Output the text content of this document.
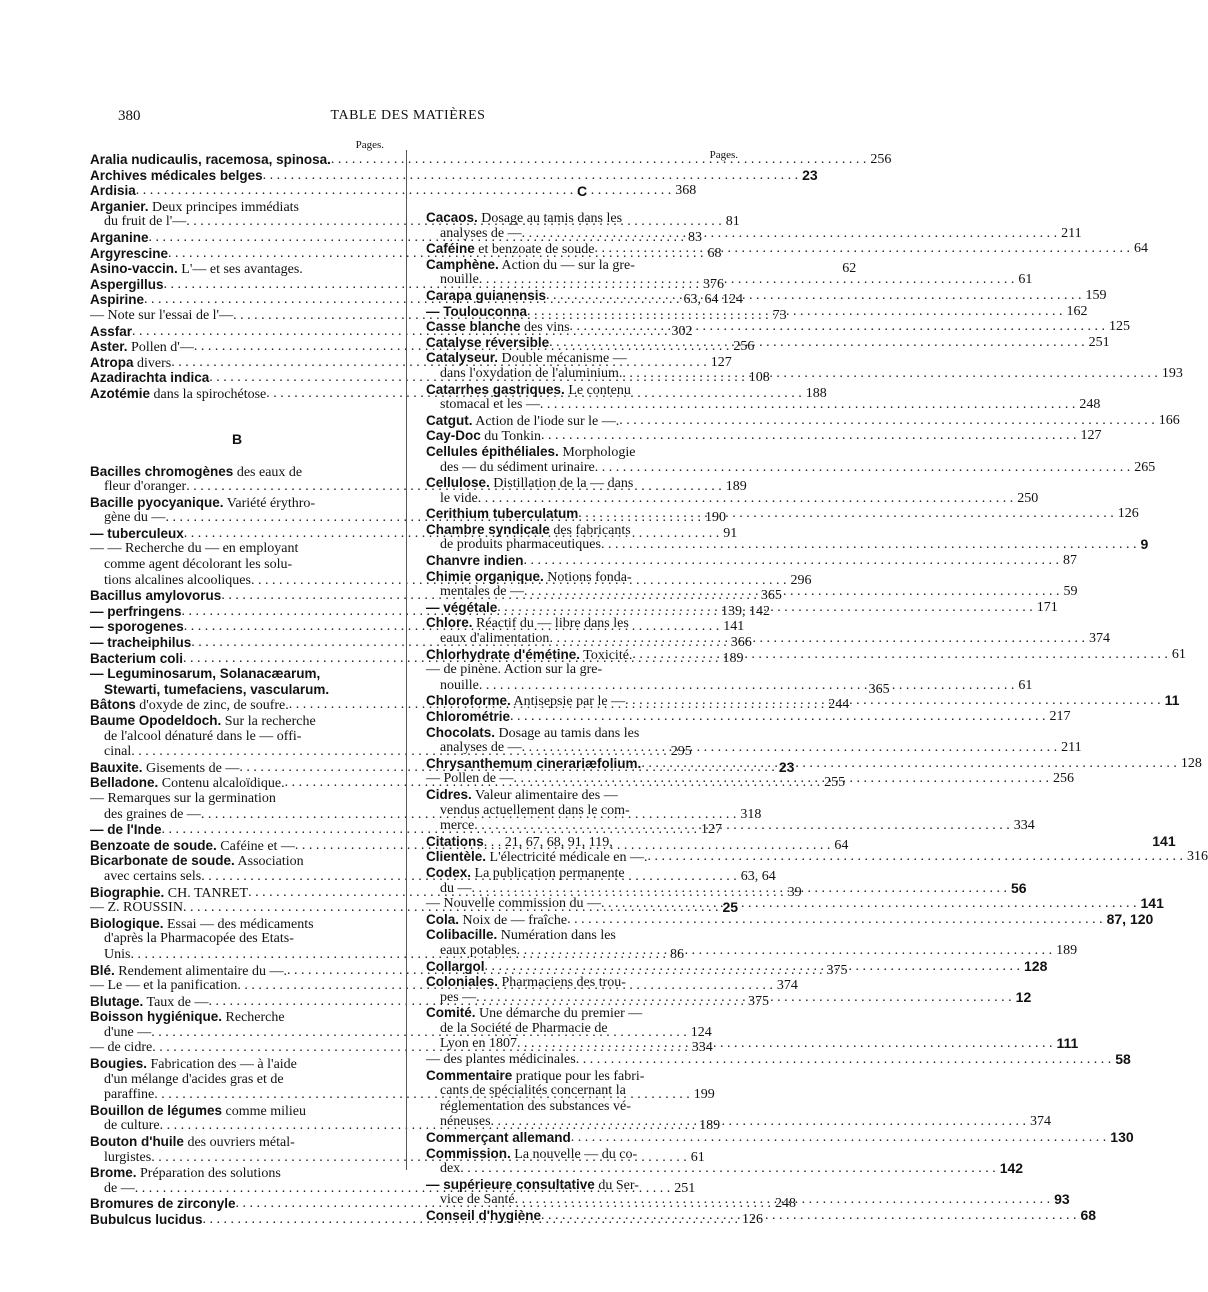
380	TABLE DES MATIÈRES
Pages.
Aralia nudicaulis, racemosa, spinosa. . . .	256
Archives médicales belges . . .	23
Ardisia . . .	368
Arganier. Deux principes immédiats
du fruit de l'— . . .	81
Arganine . . .	83
Argyrescine . . .	68
Asino-vaccin. L'— et ses avantages.	62
Aspergillus . . .	376
Aspirine . . .	63, 64 124
— Note sur l'essai de l'— . . .	73
Assfar . . .	302
Aster. Pollen d'— . . .	256
Atropa divers . . .	127
Azadirachta indica . . .	108
Azotémie dans la spirochétose . . .	188
B
Bacilles chromogènes des eaux de
fleur d'oranger . . .	189
Bacille pyocyanique. Variété érythro-
gène du — . . .	190
— tuberculeux . . .	91
— — Recherche du — en employant
comme agent décolorant les solu-
tions alcalines alcooliques . . .	296
Bacillus amylovorus . . .	365
— perfringens . . .	139, 142
— sporogenes . . .	141
— tracheiphilus . . .	366
Bacterium coli . . .	189
— Leguminosarum, Solanacæarum,
Stewarti, tumefaciens, vascularum.	365
Bâtons d'oxyde de zinc, de soufre. . . .	244
Baume Opodeldoch. Sur la recherche
de l'alcool dénaturé dans le — offi-
cinal . . .	295
Bauxite. Gisements de — . . .	23
Belladone. Contenu alcaloïdique. . . .	255
— Remarques sur la germination
des graines de — . . .	318
— de l'Inde . . .	127
Benzoate de soude. Caféine et — . . .	64
Bicarbonate de soude. Association
avec certains sels . . .	63, 64
Biographie. CH. TANRET . . .	39
— Z. ROUSSIN . . .	25
Biologique. Essai — des médicaments
d'après la Pharmacopée des Etats-
Unis . . .	86
Blé. Rendement alimentaire du —. . . .	375
— Le — et la panification . . .	374
Blutage. Taux de — . . .	375
Boisson hygiénique. Recherche
d'une — . . .	124
— de cidre . . .	334
Bougies. Fabrication des — à l'aide
d'un mélange d'acides gras et de
paraffine . . .	199
Bouillon de légumes comme milieu
de culture . . .	189
Bouton d'huile des ouvriers métal-
lurgistes . . .	61
Brome. Préparation des solutions
de — . . .	251
Bromures de zirconyle . . .	248
Bubulcus lucidus . . .	126
Pages.
C
Cacaos. Dosage au tamis dans les
analyses de — . . .	211
Caféine et benzoate de soude . . .	64
Camphène. Action du — sur la gre-
nouille . . .	61
Carapa guianensis . . .	159
— Toulouconna . . .	162
Casse blanche des vins . . .	125
Catalyse réversible . . .	251
Catalyseur. Double mécanisme —
dans l'oxydation de l'aluminium. . . .	193
Catarrhes gastriques. Le contenu
stomacal et les — . . .	248
Catgut. Action de l'iode sur le —. . . .	166
Cay-Doc du Tonkin . . .	127
Cellules épithéliales. Morphologie
des — du sédiment urinaire . . .	265
Cellulose. Distillation de la — dans
le vide . . .	250
Cerithium tuberculatum . . .	126
Chambre syndicale des fabricants
de produits pharmaceutiques . . .	9
Chanvre indien . . .	87
Chimie organique. Notions fonda-
mentales de — . . .	59
— végétale . . .	171
Chlore. Réactif du — libre dans les
eaux d'alimentation . . .	374
Chlorhydrate d'émétine. Toxicité. . . .	61
— de pinène. Action sur la gre-
nouille . . .	61
Chloroforme. Antisepsie par le — . . .	11
Chlorométrie . . .	217
Chocolats. Dosage au tamis dans les
analyses de — . . .	211
Chrysanthemum cinerariæfolium. . . .	128
— Pollen de — . . .	256
Cidres. Valeur alimentaire des —
vendus actuellement dans le com-
merce . . .	334
Citations. . . 21, 67, 68, 91, 119,	141
Clientèle. L'électricité médicale en —. . . .	316
Codex. La publication permanente
du — . . .	56
— Nouvelle commission du — . . .	141
Cola. Noix de — fraîche . . .	87, 120
Colibacille. Numération dans les
eaux potables . . .	189
Collargol . . .	128
Coloniales. Pharmaciens des trou-
pes — . . .	12
Comité. Une démarche du premier —
de la Société de Pharmacie de
Lyon en 1807 . . .	111
— des plantes médicinales . . .	58
Commentaire pratique pour les fabri-
cants de spécialités concernant la
réglementation des substances vé-
néneuses . . .	374
Commerçant allemand . . .	130
Commission. La nouvelle — du co-
dex . . .	142
— supérieure consultative du Ser-
vice de Santé . . .	93
Conseil d'hygiène . . .	68
